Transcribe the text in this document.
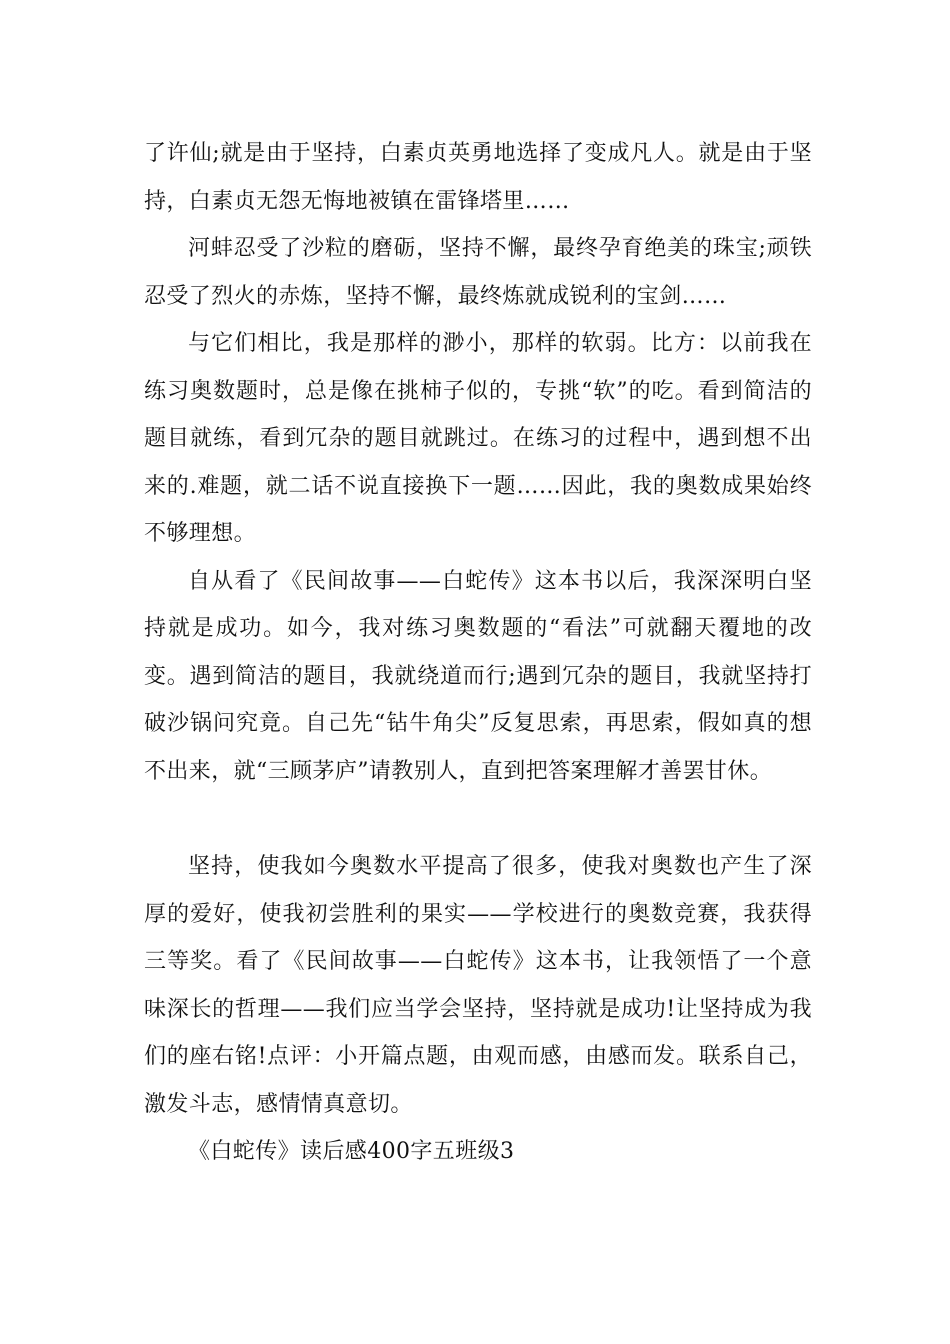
了许仙;就是由于坚持，白素贞英勇地选择了变成凡人。就是由于坚持，白素贞无怨无悔地被镇在雷锋塔里……

河蚌忍受了沙粒的磨砺，坚持不懈，最终孕育绝美的珠宝;顽铁忍受了烈火的赤炼，坚持不懈，最终炼就成锐利的宝剑……

与它们相比，我是那样的渺小，那样的软弱。比方：以前我在练习奥数题时，总是像在挑柿子似的，专挑“软”的吃。看到简洁的题目就练，看到冗杂的题目就跳过。在练习的过程中，遇到想不出来的.难题，就二话不说直接换下一题……因此，我的奥数成果始终不够理想。

自从看了《民间故事——白蛇传》这本书以后，我深深明白坚持就是成功。如今，我对练习奥数题的“看法”可就翻天覆地的改变。遇到简洁的题目，我就绕道而行;遇到冗杂的题目，我就坚持打破沙锅问究竟。自己先“钻牛角尖”反复思索，再思索，假如真的想不出来，就“三顾茅庐”请教别人，直到把答案理解才善罢甘休。

坚持，使我如今奥数水平提高了很多，使我对奥数也产生了深厚的爱好，使我初尝胜利的果实——学校进行的奥数竞赛，我获得三等奖。看了《民间故事——白蛇传》这本书，让我领悟了一个意味深长的哲理——我们应当学会坚持，坚持就是成功!让坚持成为我们的座右铭!点评：小开篇点题，由观而感，由感而发。联系自己，激发斗志，感情情真意切。

《白蛇传》读后感400字五班级3
